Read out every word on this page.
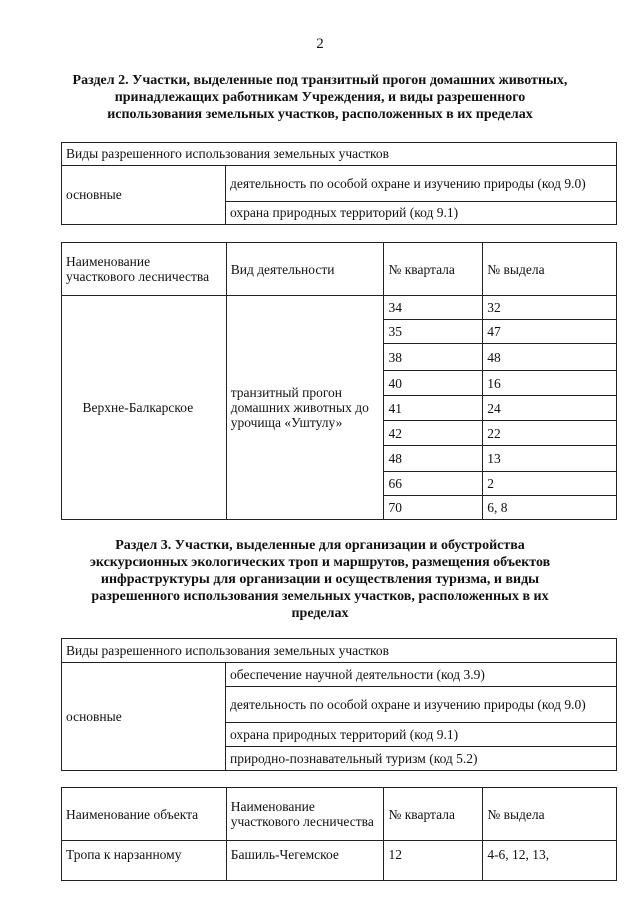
2
Раздел 2. Участки, выделенные под транзитный прогон домашних животных, принадлежащих работникам Учреждения, и виды разрешенного использования земельных участков, расположенных в их пределах
Виды разрешенного использования земельных участков
основные	деятельность по особой охране и изучению природы (код 9.0)
охрана природных территорий (код 9.1)
Наименование участкового лесничества	Вид деятельности	№ квартала	№ выдела
Верхне-Балкарское	транзитный прогон домашних животных до урочища «Уштулу»	34	32
		35	47
		38	48
		40	16
		41	24
		42	22
		48	13
		66	2
		70	6, 8
Раздел 3. Участки, выделенные для организации и обустройства экскурсионных экологических троп и маршрутов, размещения объектов инфраструктуры для организации и осуществления туризма, и виды разрешенного использования земельных участков, расположенных в их пределах
Виды разрешенного использования земельных участков
основные	обеспечение научной деятельности (код 3.9)
деятельность по особой охране и изучению природы (код 9.0)
охрана природных территорий (код 9.1)
природно-познавательный туризм (код 5.2)
Наименование объекта	Наименование участкового лесничества	№ квартала	№ выдела
Тропа к нарзанному	Башиль-Чегемское	12	4-6, 12, 13,
